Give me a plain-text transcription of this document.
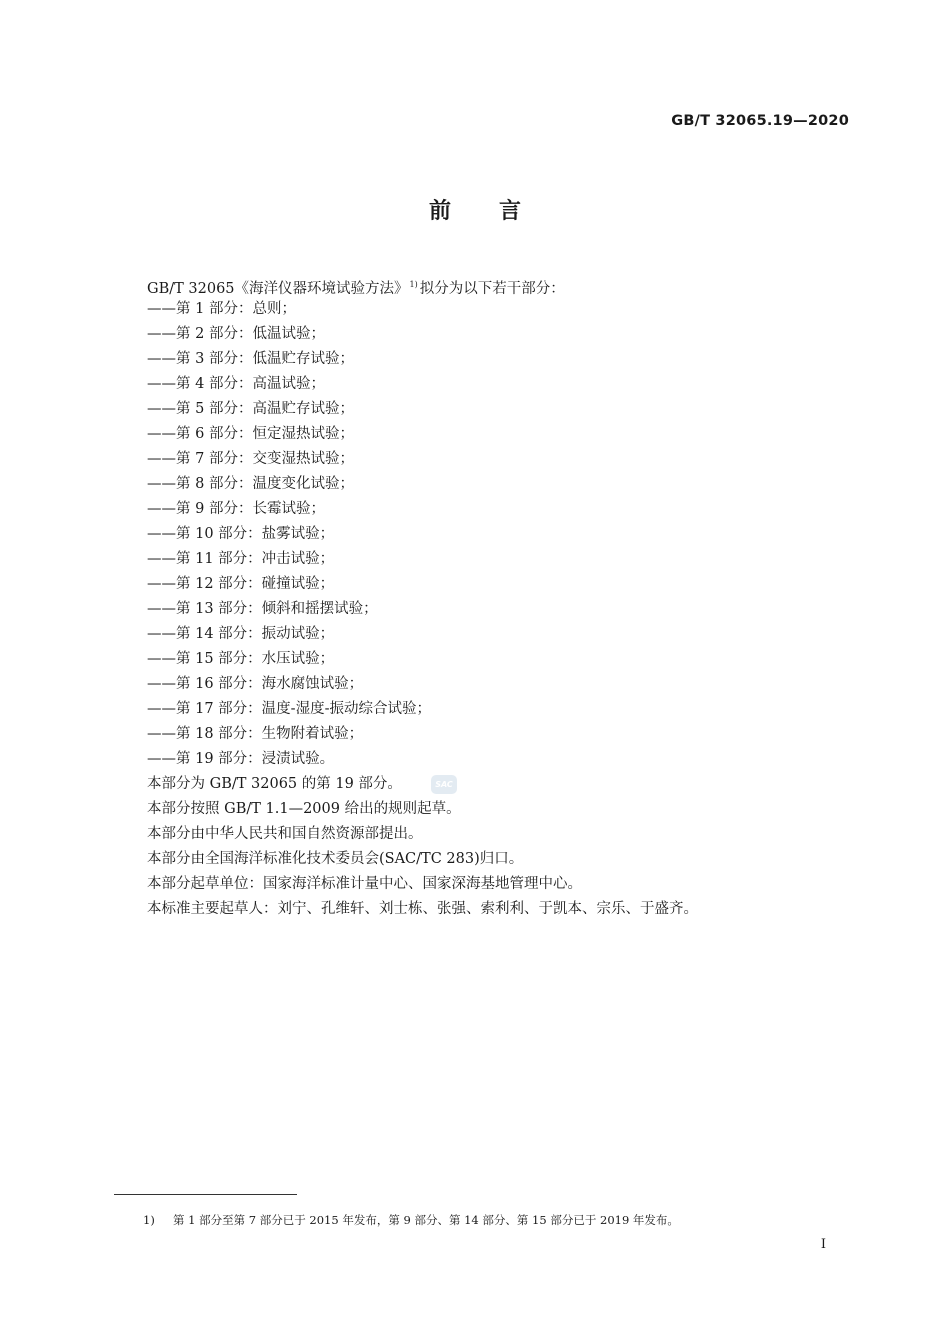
GB/T 32065.19—2020
前言
GB/T 32065《海洋仪器环境试验方法》$^{1)}$ 拟分为以下若干部分：
——第 1 部分：总则；
——第 2 部分：低温试验；
——第 3 部分：低温贮存试验；
——第 4 部分：高温试验；
——第 5 部分：高温贮存试验；
——第 6 部分：恒定湿热试验；
——第 7 部分：交变湿热试验；
——第 8 部分：温度变化试验；
——第 9 部分：长霉试验；
——第 10 部分：盐雾试验；
——第 11 部分：冲击试验；
——第 12 部分：碰撞试验；
——第 13 部分：倾斜和摇摆试验；
——第 14 部分：振动试验；
——第 15 部分：水压试验；
——第 16 部分：海水腐蚀试验；
——第 17 部分：温度-湿度-振动综合试验；
——第 18 部分：生物附着试验；
——第 19 部分：浸渍试验。
本部分为 GB/T 32065 的第 19 部分。	SAC
本部分按照 GB/T 1.1—2009 给出的规则起草。
本部分由中华人民共和国自然资源部提出。
本部分由全国海洋标准化技术委员会(SAC/TC 283)归口。
本部分起草单位：国家海洋标准计量中心、国家深海基地管理中心。
本标准主要起草人：刘宁、孔维轩、刘士栋、张强、索利利、于凯本、宗乐、于盛齐。
1) 第 1 部分至第 7 部分已于 2015 年发布，第 9 部分、第 14 部分、第 15 部分已于 2019 年发布。
I
